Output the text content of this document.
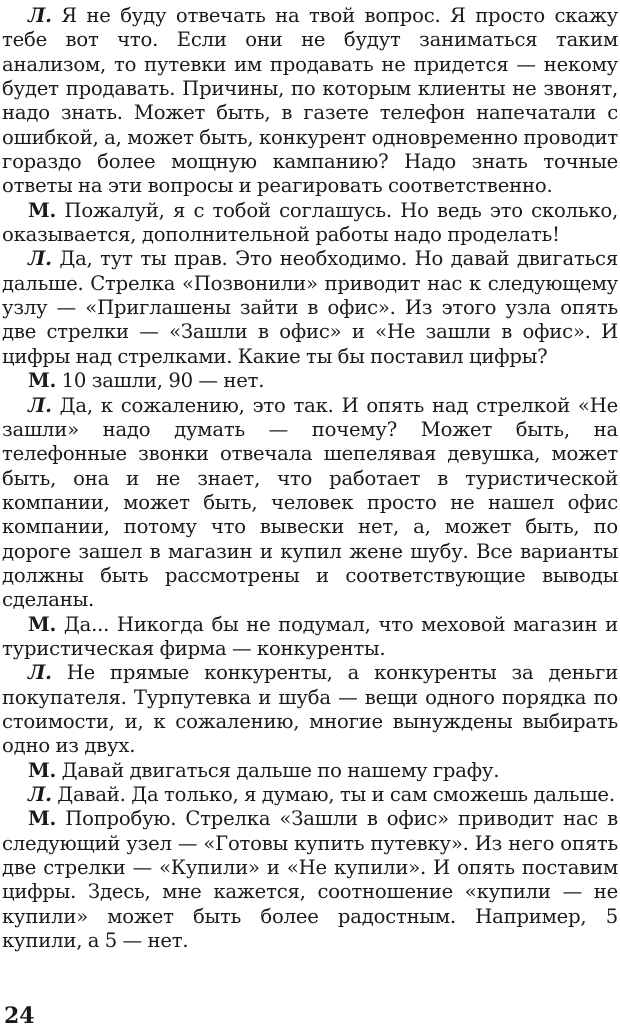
Л. Я не буду отвечать на твой вопрос. Я просто скажу тебе вот что. Если они не будут заниматься таким анализом, то путевки им продавать не придется — некому будет продавать. Причины, по которым клиенты не звонят, надо знать. Может быть, в газете телефон напечатали с ошибкой, а, может быть, конкурент одновременно проводит гораздо более мощную кампанию? Надо знать точные ответы на эти вопросы и реагировать соответственно.

М. Пожалуй, я с тобой соглашусь. Но ведь это сколько, оказывается, дополнительной работы надо проделать!

Л. Да, тут ты прав. Это необходимо. Но давай двигаться дальше. Стрелка «Позвонили» приводит нас к следующему узлу — «Приглашены зайти в офис». Из этого узла опять две стрелки — «Зашли в офис» и «Не зашли в офис». И цифры над стрелками. Какие ты бы поставил цифры?

М. 10 зашли, 90 — нет.

Л. Да, к сожалению, это так. И опять над стрелкой «Не зашли» надо думать — почему? Может быть, на телефонные звонки отвечала шепелявая девушка, может быть, она и не знает, что работает в туристической компании, может быть, человек просто не нашел офис компании, потому что вывески нет, а, может быть, по дороге зашел в магазин и купил жене шубу. Все варианты должны быть рассмотрены и соответствующие выводы сделаны.

М. Да... Никогда бы не подумал, что меховой магазин и туристическая фирма — конкуренты.

Л. Не прямые конкуренты, а конкуренты за деньги покупателя. Турпутевка и шуба — вещи одного порядка по стоимости, и, к сожалению, многие вынуждены выбирать одно из двух.

М. Давай двигаться дальше по нашему графу.

Л. Давай. Да только, я думаю, ты и сам сможешь дальше.

М. Попробую. Стрелка «Зашли в офис» приводит нас в следующий узел — «Готовы купить путевку». Из него опять две стрелки — «Купили» и «Не купили». И опять поставим цифры. Здесь, мне кажется, соотношение «купили — не купили» может быть более радостным. Например, 5 купили, а 5 — нет.

24
